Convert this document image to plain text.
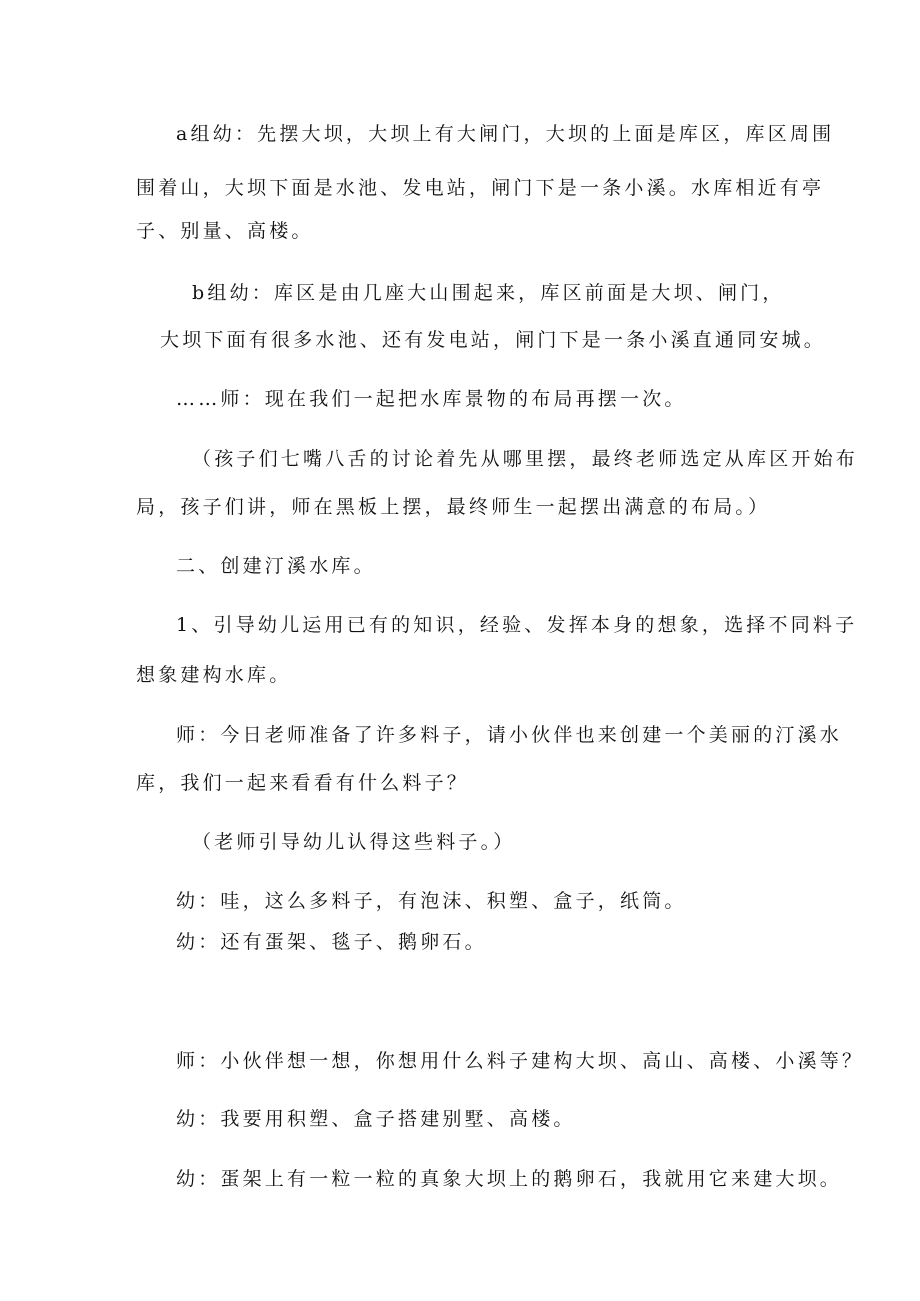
a组幼：先摆大坝，大坝上有大闸门，大坝的上面是库区，库区周围
围着山，大坝下面是水池、发电站，闸门下是一条小溪。水库相近有亭
子、别量、高楼。
b组幼：库区是由几座大山围起来，库区前面是大坝、闸门，
大坝下面有很多水池、还有发电站，闸门下是一条小溪直通同安城。
……师：现在我们一起把水库景物的布局再摆一次。
（孩子们七嘴八舌的讨论着先从哪里摆，最终老师选定从库区开始布
局，孩子们讲，师在黑板上摆，最终师生一起摆出满意的布局。）
二、创建汀溪水库。
1、引导幼儿运用已有的知识，经验、发挥本身的想象，选择不同料子
想象建构水库。
师：今日老师准备了许多料子，请小伙伴也来创建一个美丽的汀溪水
库，我们一起来看看有什么料子？
（老师引导幼儿认得这些料子。）
幼：哇，这么多料子，有泡沫、积塑、盒子，纸筒。
幼：还有蛋架、毯子、鹅卵石。
师：小伙伴想一想，你想用什么料子建构大坝、高山、高楼、小溪等？
幼：我要用积塑、盒子搭建别墅、高楼。
幼：蛋架上有一粒一粒的真象大坝上的鹅卵石，我就用它来建大坝。
